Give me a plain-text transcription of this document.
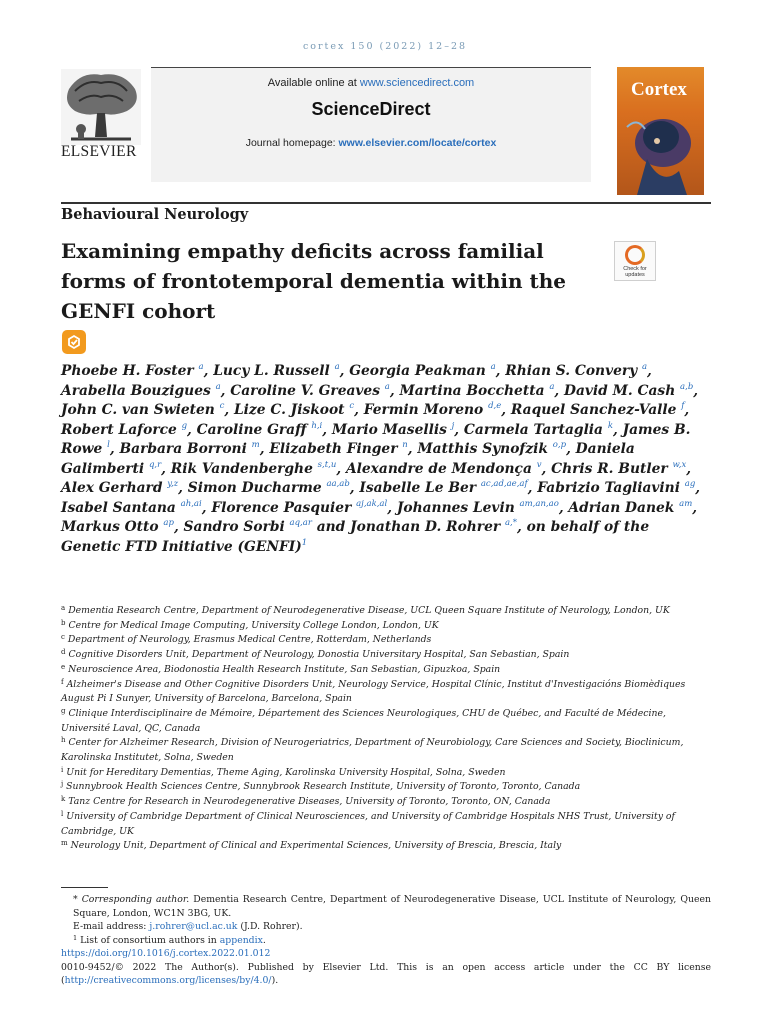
cortex 150 (2022) 12–28
ELSEVIER
Available online at www.sciencedirect.com
ScienceDirect
Journal homepage: www.elsevier.com/locate/cortex
Cortex
Behavioural Neurology
Examining empathy deficits across familial forms of frontotemporal dementia within the GENFI cohort
Check for updates

Phoebe H. Foster $^a$, Lucy L. Russell $^a$, Georgia Peakman $^a$, Rhian S. Convery $^a$, Arabella Bouzigues $^a$, Caroline V. Greaves $^a$, Martina Bocchetta $^a$, David M. Cash $^{a,b}$, John C. van Swieten $^c$, Lize C. Jiskoot $^c$, Fermin Moreno $^{d,e}$, Raquel Sanchez-Valle $^f$, Robert Laforce $^g$, Caroline Graff $^{h,i}$, Mario Masellis $^j$, Carmela Tartaglia $^k$, James B. Rowe $^l$, Barbara Borroni $^m$, Elizabeth Finger $^n$, Matthis Synofzik $^{o,p}$, Daniela Galimberti $^{q,r}$, Rik Vandenberghe $^{s,t,u}$, Alexandre de Mendonça $^v$, Chris R. Butler $^{w,x}$, Alex Gerhard $^{y,z}$, Simon Ducharme $^{aa,ab}$, Isabelle Le Ber $^{ac,ad,ae,af}$, Fabrizio Tagliavini $^{ag}$, Isabel Santana $^{ah,ai}$, Florence Pasquier $^{aj,ak,al}$, Johannes Levin $^{am,an,ao}$, Adrian Danek $^{am}$, Markus Otto $^{ap}$, Sandro Sorbi $^{aq,ar}$ and Jonathan D. Rohrer $^{a,*}$, on behalf of the Genetic FTD Initiative (GENFI)$^1$

$^a$ Dementia Research Centre, Department of Neurodegenerative Disease, UCL Queen Square Institute of Neurology, London, UK
$^b$ Centre for Medical Image Computing, University College London, London, UK
$^c$ Department of Neurology, Erasmus Medical Centre, Rotterdam, Netherlands
$^d$ Cognitive Disorders Unit, Department of Neurology, Donostia Universitary Hospital, San Sebastian, Spain
$^e$ Neuroscience Area, Biodonostia Health Research Institute, San Sebastian, Gipuzkoa, Spain
$^f$ Alzheimer's Disease and Other Cognitive Disorders Unit, Neurology Service, Hospital Clínic, Institut d'Investigacións Biomèdiques August Pi I Sunyer, University of Barcelona, Barcelona, Spain
$^g$ Clinique Interdisciplinaire de Mémoire, Département des Sciences Neurologiques, CHU de Québec, and Faculté de Médecine, Université Laval, QC, Canada
$^h$ Center for Alzheimer Research, Division of Neurogeriatrics, Department of Neurobiology, Care Sciences and Society, Bioclinicum, Karolinska Institutet, Solna, Sweden
$^i$ Unit for Hereditary Dementias, Theme Aging, Karolinska University Hospital, Solna, Sweden
$^j$ Sunnybrook Health Sciences Centre, Sunnybrook Research Institute, University of Toronto, Toronto, Canada
$^k$ Tanz Centre for Research in Neurodegenerative Diseases, University of Toronto, Toronto, ON, Canada
$^l$ University of Cambridge Department of Clinical Neurosciences, and University of Cambridge Hospitals NHS Trust, University of Cambridge, UK
$^m$ Neurology Unit, Department of Clinical and Experimental Sciences, University of Brescia, Brescia, Italy

* Corresponding author. Dementia Research Centre, Department of Neurodegenerative Disease, UCL Institute of Neurology, Queen Square, London, WC1N 3BG, UK.

E-mail address: j.rohrer@ucl.ac.uk (J.D. Rohrer).

$^1$ List of consortium authors in appendix.

https://doi.org/10.1016/j.cortex.2022.01.012

0010-9452/© 2022 The Author(s). Published by Elsevier Ltd. This is an open access article under the CC BY license (http://creativecommons.org/licenses/by/4.0/).
